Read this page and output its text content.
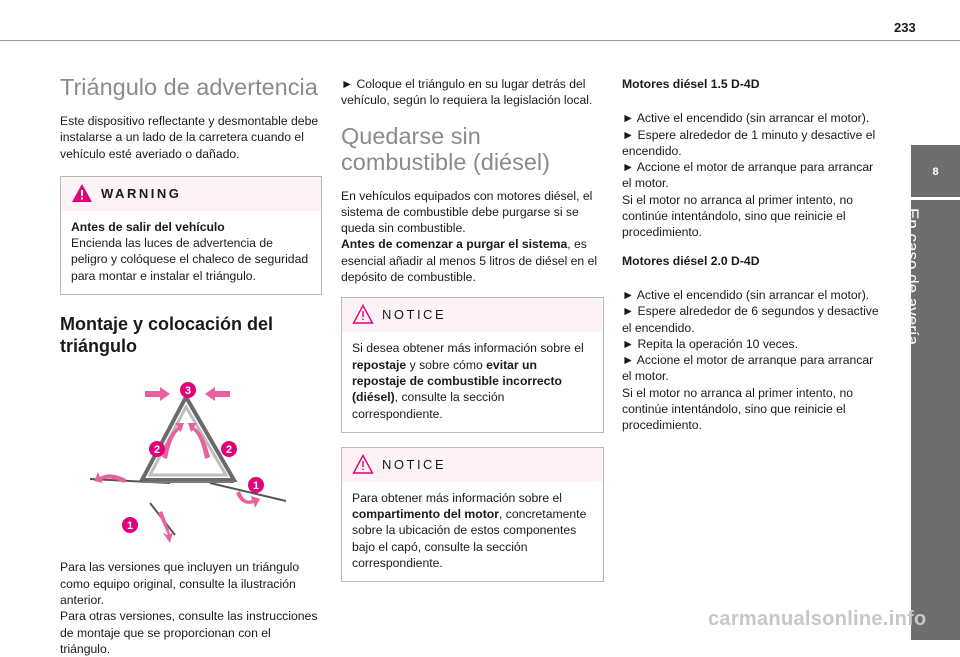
233
8
En caso de avería
Triángulo de advertencia

Este dispositivo reflectante y desmontable debe instalarse a un lado de la carretera cuando el vehículo esté averiado o dañado.

WARNING

Antes de salir del vehículo

Encienda las luces de advertencia de peligro y colóquese el chaleco de seguridad para montar e instalar el triángulo.

Montaje y colocación del triángulo
3
2	2
1
1

Para las versiones que incluyen un triángulo como equipo original, consulte la ilustración anterior.

Para otras versiones, consulte las instrucciones de montaje que se proporcionan con el triángulo.

► Coloque el triángulo en su lugar detrás del vehículo, según lo requiera la legislación local.

Quedarse sin combustible (diésel)

En vehículos equipados con motores diésel, el sistema de combustible debe purgarse si se queda sin combustible.

Antes de comenzar a purgar el sistema, es esencial añadir al menos 5 litros de diésel en el depósito de combustible.

NOTICE

Si desea obtener más información sobre el repostaje y sobre cómo evitar un repostaje de combustible incorrecto (diésel), consulte la sección correspondiente.

NOTICE

Para obtener más información sobre el compartimento del motor, concretamente sobre la ubicación de estos componentes bajo el capó, consulte la sección correspondiente.

Motores diésel 1.5 D-4D

► Active el encendido (sin arrancar el motor).

► Espere alrededor de 1 minuto y desactive el encendido.

► Accione el motor de arranque para arrancar el motor.

Si el motor no arranca al primer intento, no continúe intentándolo, sino que reinicie el procedimiento.

Motores diésel 2.0 D-4D

► Active el encendido (sin arrancar el motor).

► Espere alrededor de 6 segundos y desactive el encendido.

► Repita la operación 10 veces.

► Accione el motor de arranque para arrancar el motor.

Si el motor no arranca al primer intento, no continúe intentándolo, sino que reinicie el procedimiento.

carmanualsonline.info
